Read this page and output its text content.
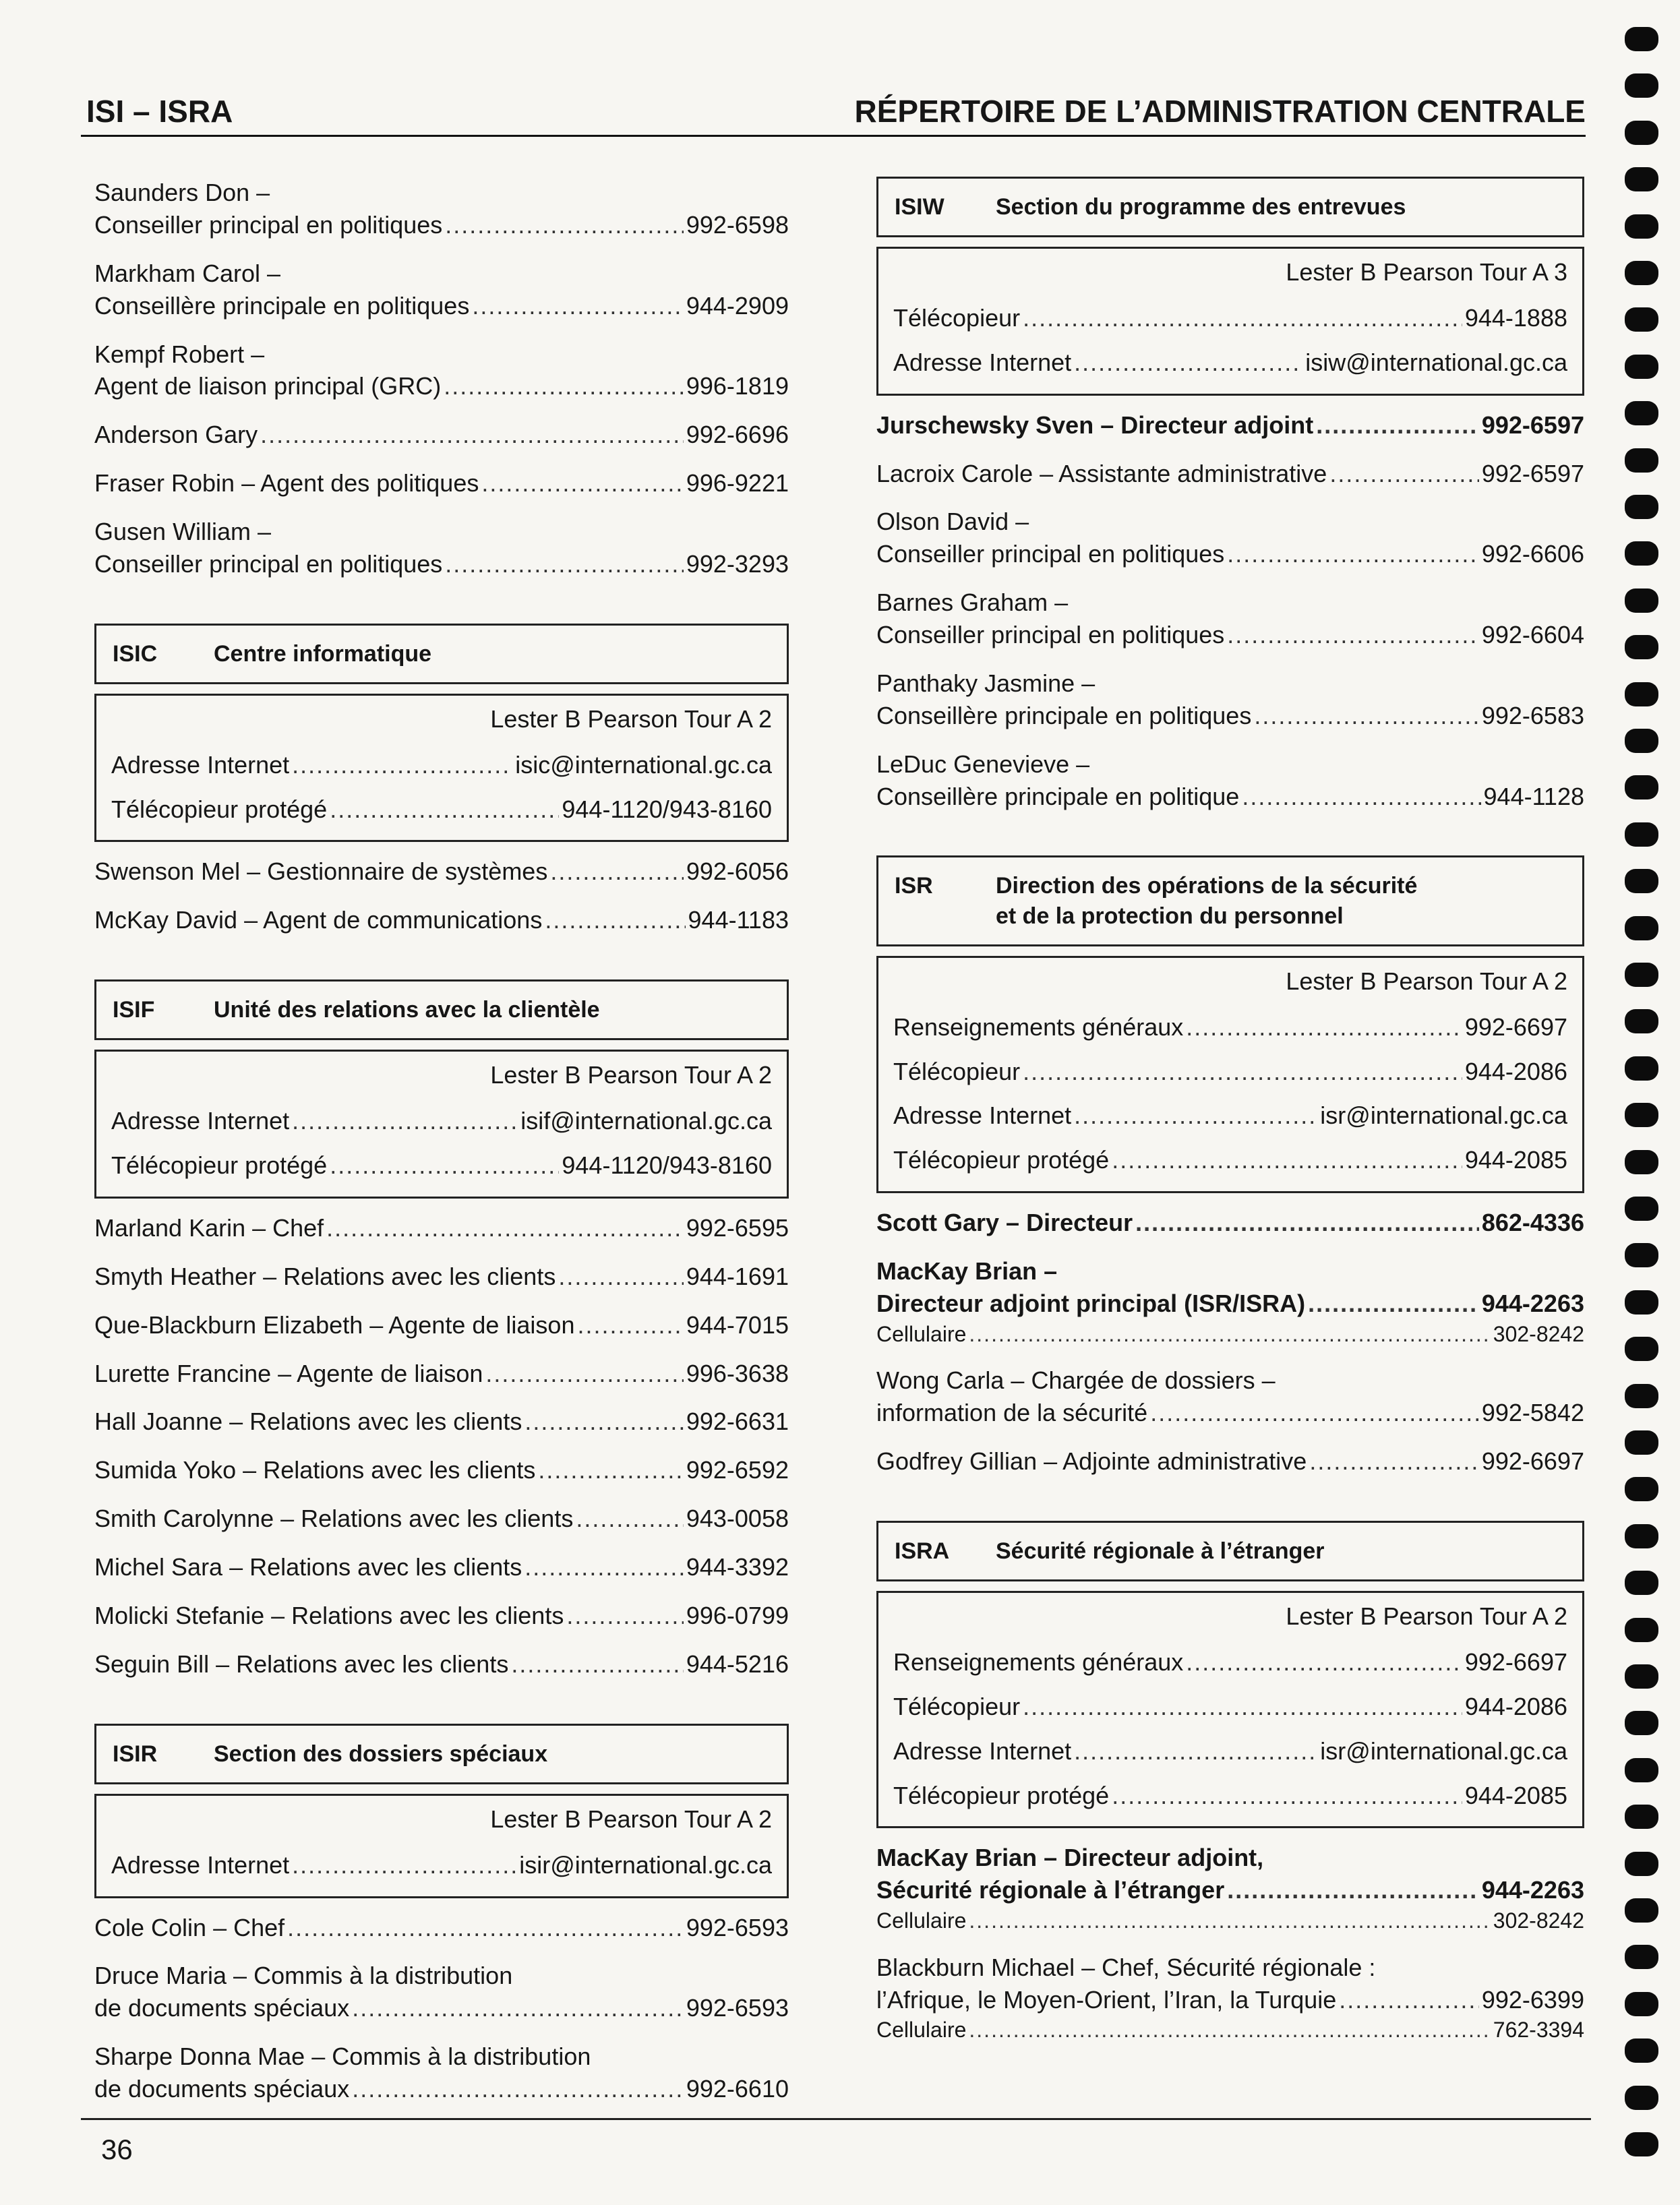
ISI – ISRA	RÉPERTOIRE DE L’ADMINISTRATION CENTRALE
Saunders Don –
Conseiller principal en politiques .....	992-6598
Markham Carol –
Conseillère principale en politiques .....	944-2909
Kempf Robert –
Agent de liaison principal (GRC) .....	996-1819
Anderson Gary .....	992-6696
Fraser Robin – Agent des politiques .....	996-9221
Gusen William –
Conseiller principal en politiques .....	992-3293
ISIC	Centre informatique
Lester B Pearson Tour A 2
Adresse Internet .....	isic@international.gc.ca
Télécopieur protégé .....	944-1120/943-8160
Swenson Mel – Gestionnaire de systèmes .....	992-6056
McKay David – Agent de communications .....	944-1183
ISIF	Unité des relations avec la clientèle
Lester B Pearson Tour A 2
Adresse Internet .....	isif@international.gc.ca
Télécopieur protégé .....	944-1120/943-8160
Marland Karin – Chef .....	992-6595
Smyth Heather – Relations avec les clients .....	944-1691
Que-Blackburn Elizabeth – Agente de liaison .....	944-7015
Lurette Francine – Agente de liaison .....	996-3638
Hall Joanne – Relations avec les clients .....	992-6631
Sumida Yoko – Relations avec les clients .....	992-6592
Smith Carolynne – Relations avec les clients .....	943-0058
Michel Sara – Relations avec les clients .....	944-3392
Molicki Stefanie – Relations avec les clients .....	996-0799
Seguin Bill – Relations avec les clients .....	944-5216
ISIR	Section des dossiers spéciaux
Lester B Pearson Tour A 2
Adresse Internet .....	isir@international.gc.ca
Cole Colin – Chef .....	992-6593
Druce Maria – Commis à la distribution
de documents spéciaux .....	992-6593
Sharpe Donna Mae – Commis à la distribution
de documents spéciaux .....	992-6610
ISIW	Section du programme des entrevues
Lester B Pearson Tour A 3
Télécopieur .....	944-1888
Adresse Internet .....	isiw@international.gc.ca
Jurschewsky Sven – Directeur adjoint .....	992-6597
Lacroix Carole – Assistante administrative .....	992-6597
Olson David –
Conseiller principal en politiques .....	992-6606
Barnes Graham –
Conseiller principal en politiques .....	992-6604
Panthaky Jasmine –
Conseillère principale en politiques .....	992-6583
LeDuc Genevieve –
Conseillère principale en politique .....	944-1128
ISR	Direction des opérations de la sécurité
et de la protection du personnel
Lester B Pearson Tour A 2
Renseignements généraux .....	992-6697
Télécopieur .....	944-2086
Adresse Internet .....	isr@international.gc.ca
Télécopieur protégé .....	944-2085
Scott Gary – Directeur .....	862-4336
MacKay Brian –
Directeur adjoint principal (ISR/ISRA) .....	944-2263
Cellulaire .....	302-8242
Wong Carla – Chargée de dossiers –
information de la sécurité .....	992-5842
Godfrey Gillian – Adjointe administrative .....	992-6697
ISRA	Sécurité régionale à l’étranger
Lester B Pearson Tour A 2
Renseignements généraux .....	992-6697
Télécopieur .....	944-2086
Adresse Internet .....	isr@international.gc.ca
Télécopieur protégé .....	944-2085
MacKay Brian – Directeur adjoint,
Sécurité régionale à l’étranger .....	944-2263
Cellulaire .....	302-8242
Blackburn Michael – Chef, Sécurité régionale :
l’Afrique, le Moyen-Orient, l’Iran, la Turquie .....	992-6399
Cellulaire .....	762-3394
36
